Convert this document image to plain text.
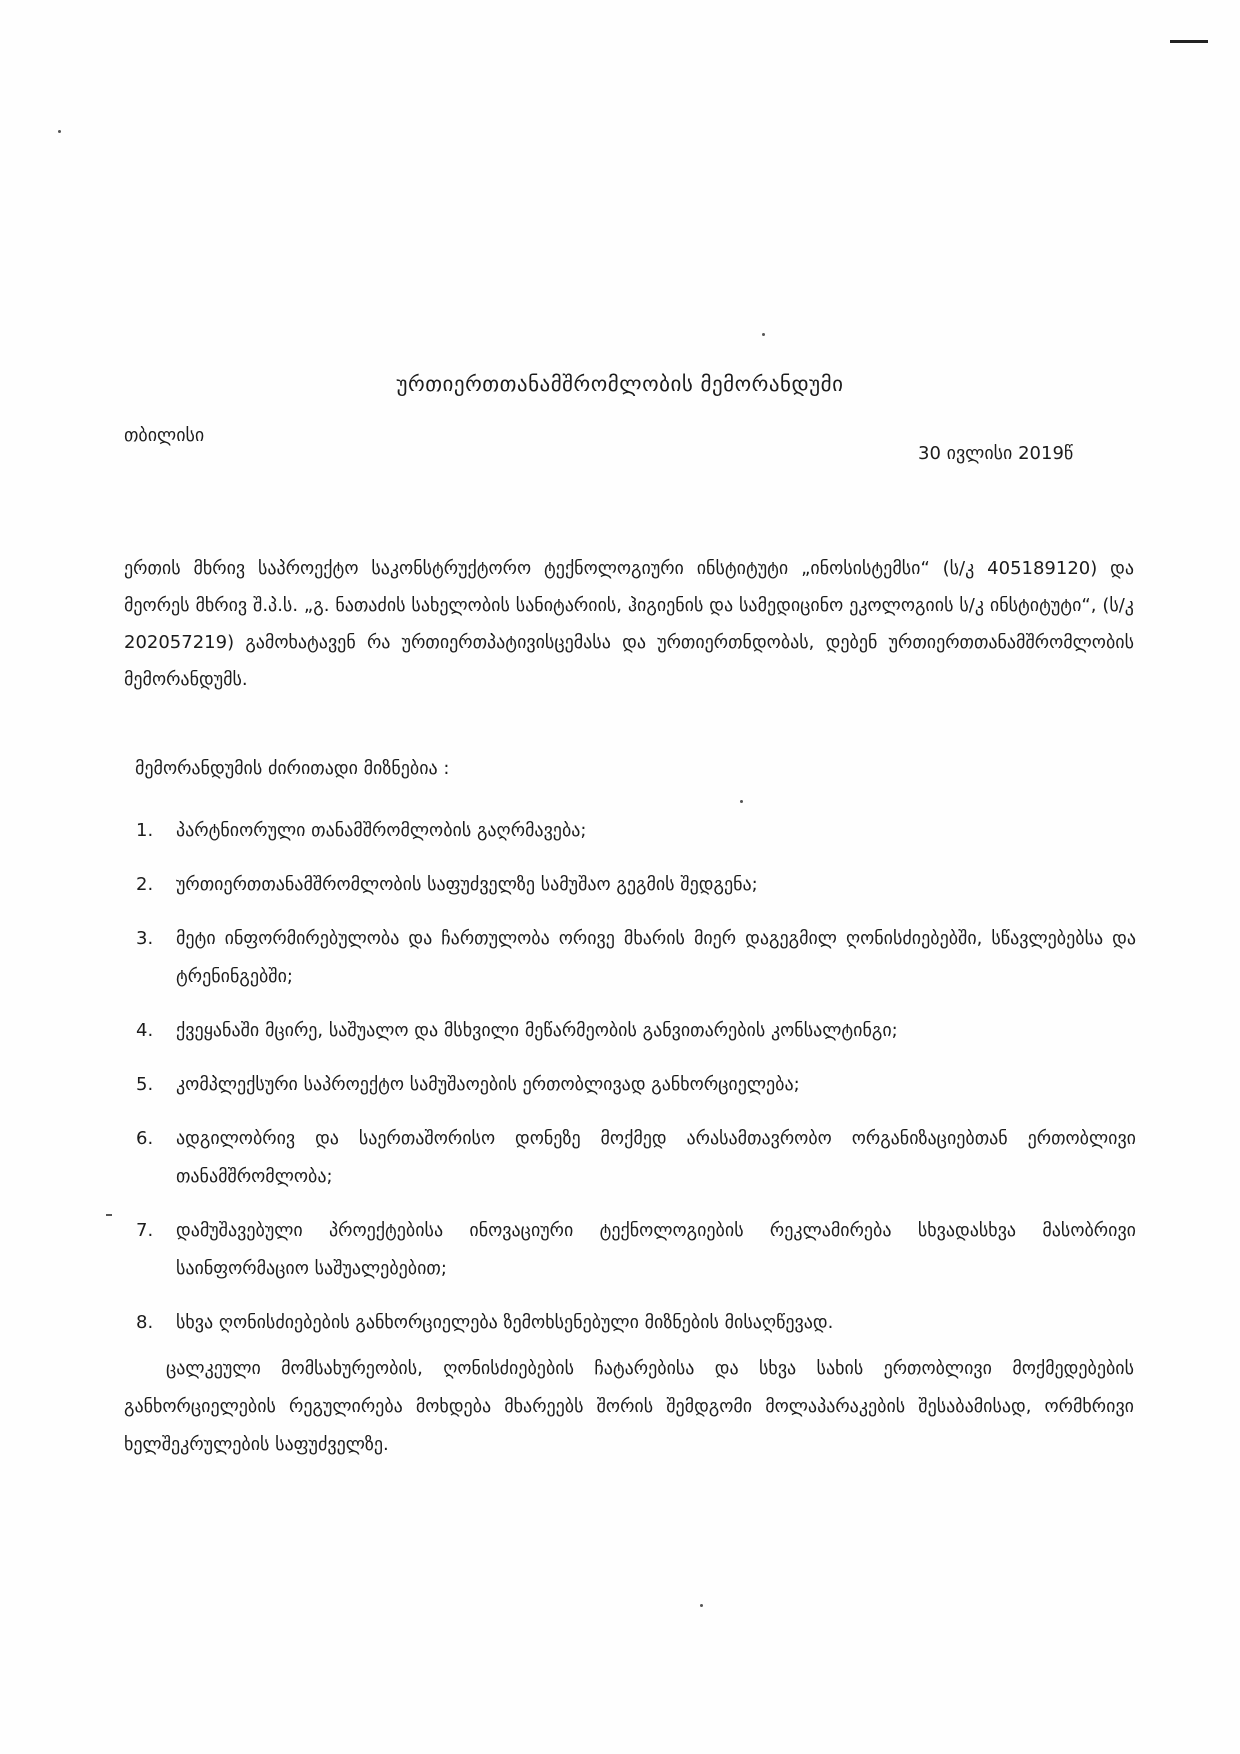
ურთიერთთანამშრომლობის მემორანდუმი
თბილისი
30 ივლისი 2019წ
ერთის მხრივ საპროექტო საკონსტრუქტორო ტექნოლოგიური ინსტიტუტი „ინოსისტემსი“ (ს/კ 405189120) და მეორეს მხრივ შ.პ.ს. „გ. ნათაძის სახელობის სანიტარიის, ჰიგიენის და სამედიცინო ეკოლოგიის ს/კ ინსტიტუტი“, (ს/კ 202057219) გამოხატავენ რა ურთიერთპატივისცემასა და ურთიერთნდობას, დებენ ურთიერთთანამშრომლობის მემორანდუმს.
მემორანდუმის ძირითადი მიზნებია :
1.	პარტნიორული თანამშრომლობის გაღრმავება;
2.	ურთიერთთანამშრომლობის საფუძველზე სამუშაო გეგმის შედგენა;
3.	მეტი ინფორმირებულობა და ჩართულობა ორივე მხარის მიერ დაგეგმილ ღონისძიებებში, სწავლებებსა და ტრენინგებში;
4.	ქვეყანაში მცირე, საშუალო და მსხვილი მეწარმეობის განვითარების კონსალტინგი;
5.	კომპლექსური საპროექტო სამუშაოების ერთობლივად განხორციელება;
6.	ადგილობრივ და საერთაშორისო დონეზე მოქმედ არასამთავრობო ორგანიზაციებთან ერთობლივი თანამშრომლობა;
7.	დამუშავებული პროექტებისა ინოვაციური ტექნოლოგიების რეკლამირება სხვადასხვა მასობრივი საინფორმაციო საშუალებებით;
8.	სხვა ღონისძიებების განხორციელება ზემოხსენებული მიზნების მისაღწევად.
ცალკეული მომსახურეობის, ღონისძიებების ჩატარებისა და სხვა სახის ერთობლივი მოქმედებების განხორციელების რეგულირება მოხდება მხარეებს შორის შემდგომი მოლაპარაკების შესაბამისად, ორმხრივი ხელშეკრულების საფუძველზე.
